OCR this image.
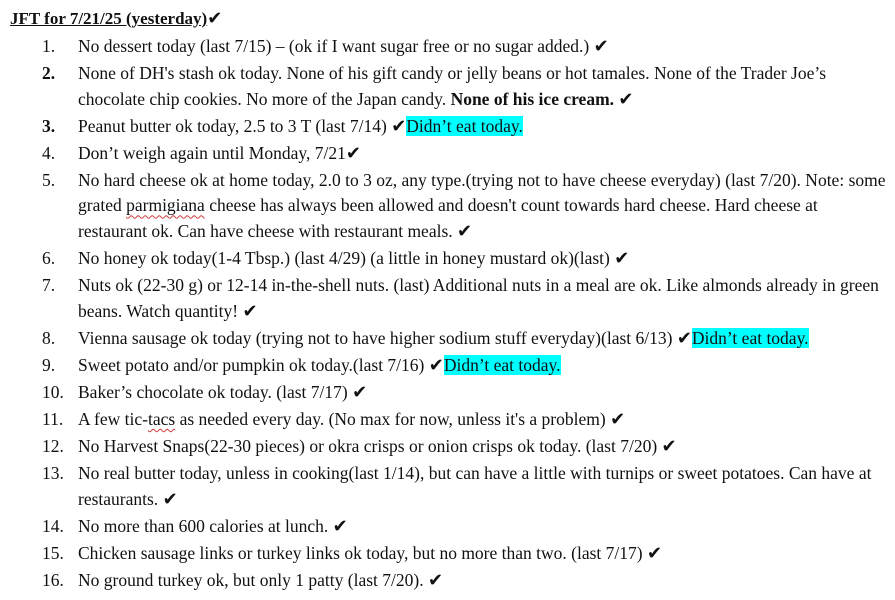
JFT for 7/21/25 (yesterday)✔
1.	No dessert today (last 7/15) – (ok if I want sugar free or no sugar added.) ✔
2.	None of DH's stash ok today. None of his gift candy or jelly beans or hot tamales. None of the Trader Joe’s chocolate chip cookies. No more of the Japan candy. None of his ice cream. ✔
3.	Peanut butter ok today, 2.5 to 3 T (last 7/14) ✔Didn’t eat today.
4.	Don’t weigh again until Monday, 7/21✔
5.	No hard cheese ok at home today, 2.0 to 3 oz, any type.(trying not to have cheese everyday) (last 7/20). Note: some grated parmigiana cheese has always been allowed and doesn't count towards hard cheese. Hard cheese at restaurant ok. Can have cheese with restaurant meals. ✔
6.	No honey ok today(1-4 Tbsp.) (last 4/29) (a little in honey mustard ok)(last) ✔
7.	Nuts ok (22-30 g) or 12-14 in-the-shell nuts. (last) Additional nuts in a meal are ok. Like almonds already in green beans. Watch quantity! ✔
8.	Vienna sausage ok today (trying not to have higher sodium stuff everyday)(last 6/13) ✔Didn’t eat today.
9.	Sweet potato and/or pumpkin ok today.(last 7/16) ✔Didn’t eat today.
10. Baker’s chocolate ok today. (last 7/17) ✔
11. A few tic-tacs as needed every day. (No max for now, unless it's a problem) ✔
12. No Harvest Snaps(22-30 pieces) or okra crisps or onion crisps ok today. (last 7/20) ✔
13. No real butter today, unless in cooking(last 1/14), but can have a little with turnips or sweet potatoes. Can have at restaurants. ✔
14. No more than 600 calories at lunch. ✔
15. Chicken sausage links or turkey links ok today, but no more than two. (last 7/17) ✔
16. No ground turkey ok, but only 1 patty (last 7/20). ✔
